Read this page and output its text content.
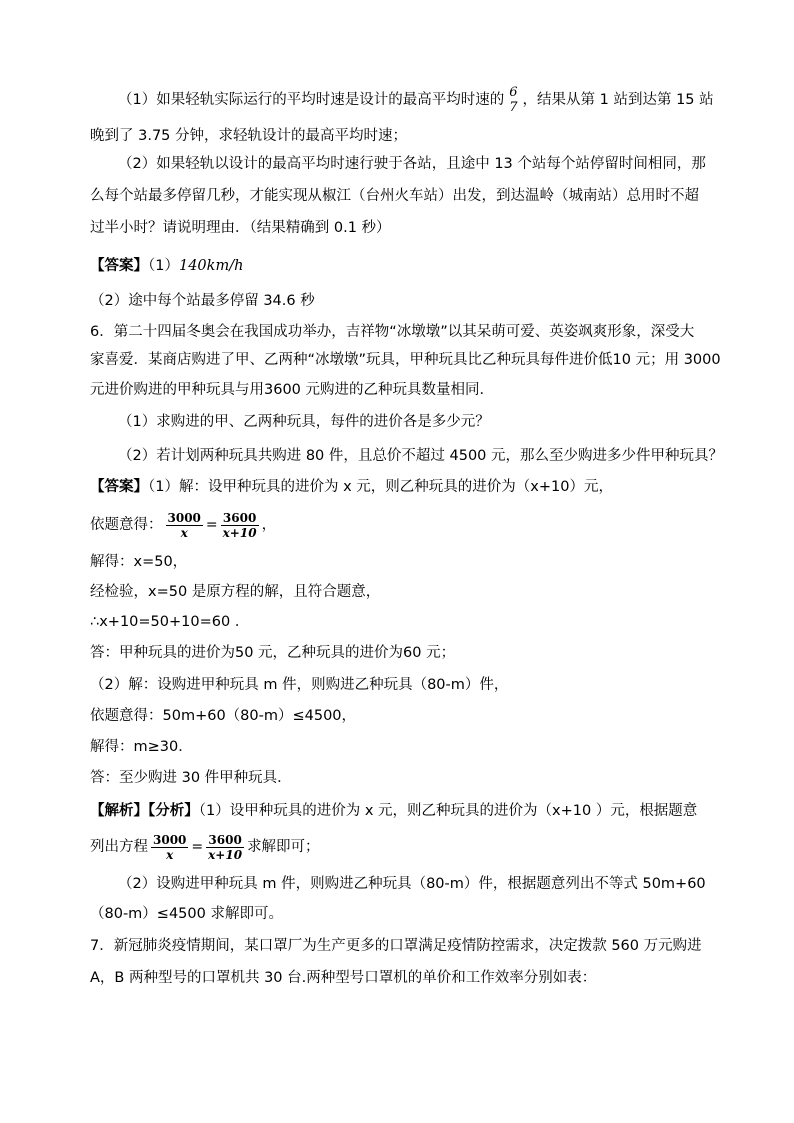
（1）如果轻轨实际运行的平均时速是设计的最高平均时速的 6
7 ，结果从第 1 站到达第 15 站
晚到了 3.75 分钟，求轻轨设计的最高平均时速；
（2）如果轻轨以设计的最高平均时速行驶于各站，且途中 13 个站每个站停留时间相同，那
么每个站最多停留几秒，才能实现从椒江（台州火车站）出发，到达温岭（城南站）总用时不超
过半小时？请说明理由．（结果精确到 0.1 秒）
【答案】（1）140km/h
（2）途中每个站最多停留 34.6 秒
6．第二十四届冬奥会在我国成功举办，吉祥物“冰墩墩”以其呆萌可爱、英姿飒爽形象，深受大
家喜爱．某商店购进了甲、乙两种“冰墩墩”玩具，甲种玩具比乙种玩具每件进价低10 元；用 3000
元进价购进的甲种玩具与用3600 元购进的乙种玩具数量相同．
（1）求购进的甲、乙两种玩具，每件的进价各是多少元？
（2）若计划两种玩具共购进 80 件，且总价不超过 4500 元，那么至少购进多少件甲种玩具？
【答案】（1）解：设甲种玩具的进价为 x 元，则乙种玩具的进价为（x+10）元，
依题意得： $\frac{3000}{x} = \frac{3600}{x+10}$ ，
解得：x=50，
经检验，x=50 是原方程的解，且符合题意，
∴x+10=50+10=60 ．
答：甲种玩具的进价为50 元，乙种玩具的进价为60 元；
（2）解：设购进甲种玩具 m 件，则购进乙种玩具（80-m）件，
依题意得：50m+60（80-m）≤4500，
解得：m≥30．
答：至少购进 30 件甲种玩具．
【解析】【分析】（1）设甲种玩具的进价为 x 元，则乙种玩具的进价为（x+10 ）元，根据题意
列出方程 $\frac{3000}{x} = \frac{3600}{x+10}$ 求解即可；
（2）设购进甲种玩具 m 件，则购进乙种玩具（80-m）件，根据题意列出不等式 50m+60
（80-m）≤4500 求解即可。
7．新冠肺炎疫情期间，某口罩厂为生产更多的口罩满足疫情防控需求，决定拨款 560 万元购进
A，B 两种型号的口罩机共 30 台.两种型号口罩机的单价和工作效率分别如表：
